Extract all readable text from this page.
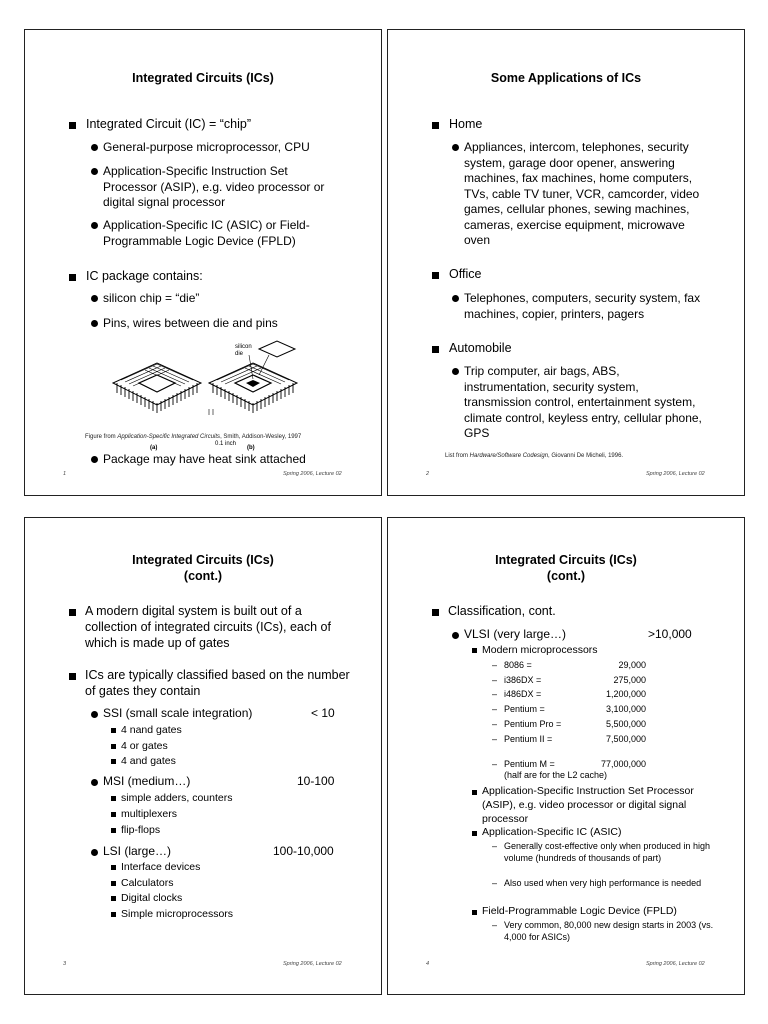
Integrated Circuits (ICs)
Integrated Circuit (IC) = “chip”
General-purpose microprocessor, CPU
Application-Specific Instruction Set Processor (ASIP), e.g. video processor or digital signal processor
Application-Specific IC (ASIC) or Field-Programmable Logic Device (FPLD)
IC package contains:
silicon chip = “die”
Pins, wires between die and pins
silicon
die
0.1 inch
(a)	(b)
Figure from Application-Specific Integrated Circuits, Smith, Addison-Wesley, 1997
Package may have heat sink attached
1	Spring 2006, Lecture 02
Some Applications of ICs
Home
Appliances, intercom, telephones, security system, garage door opener, answering machines, fax machines, home computers, TVs, cable TV tuner, VCR, camcorder, video games, cellular phones, sewing machines, cameras, exercise equipment, microwave oven
Office
Telephones, computers, security system, fax machines, copier, printers, pagers
Automobile
Trip computer, air bags, ABS, instrumentation, security system, transmission control, entertainment system, climate control, keyless entry, cellular phone, GPS
List from Hardware/Software Codesign, Giovanni De Micheli, 1996.
2	Spring 2006, Lecture 02
Integrated Circuits (ICs)
(cont.)
A modern digital system is built out of a collection of integrated circuits (ICs), each of which is made up of gates
ICs are typically classified based on the number of gates they contain
SSI (small scale integration)	< 10
4 nand gates
4 or gates
4 and gates
MSI (medium…)	10-100
simple adders, counters
multiplexers
flip-flops
LSI (large…)	100-10,000
Interface devices
Calculators
Digital clocks
Simple microprocessors
3	Spring 2006, Lecture 02
Integrated Circuits (ICs)
(cont.)
Classification, cont.
VLSI (very large…)	>10,000
Modern microprocessors
– 8086 =	29,000
– i386DX =	275,000
– i486DX =	1,200,000
– Pentium =	3,100,000
– Pentium Pro =	5,500,000
– Pentium II =	7,500,000
– Pentium M =	77,000,000
(half are for the L2 cache)
Application-Specific Instruction Set Processor (ASIP), e.g. video processor or digital signal processor
Application-Specific IC (ASIC)
– Generally cost-effective only when produced in high volume (hundreds of thousands of part)
– Also used when very high performance is needed
Field-Programmable Logic Device (FPLD)
– Very common, 80,000 new design starts in 2003 (vs. 4,000 for ASICs)
4	Spring 2006, Lecture 02
